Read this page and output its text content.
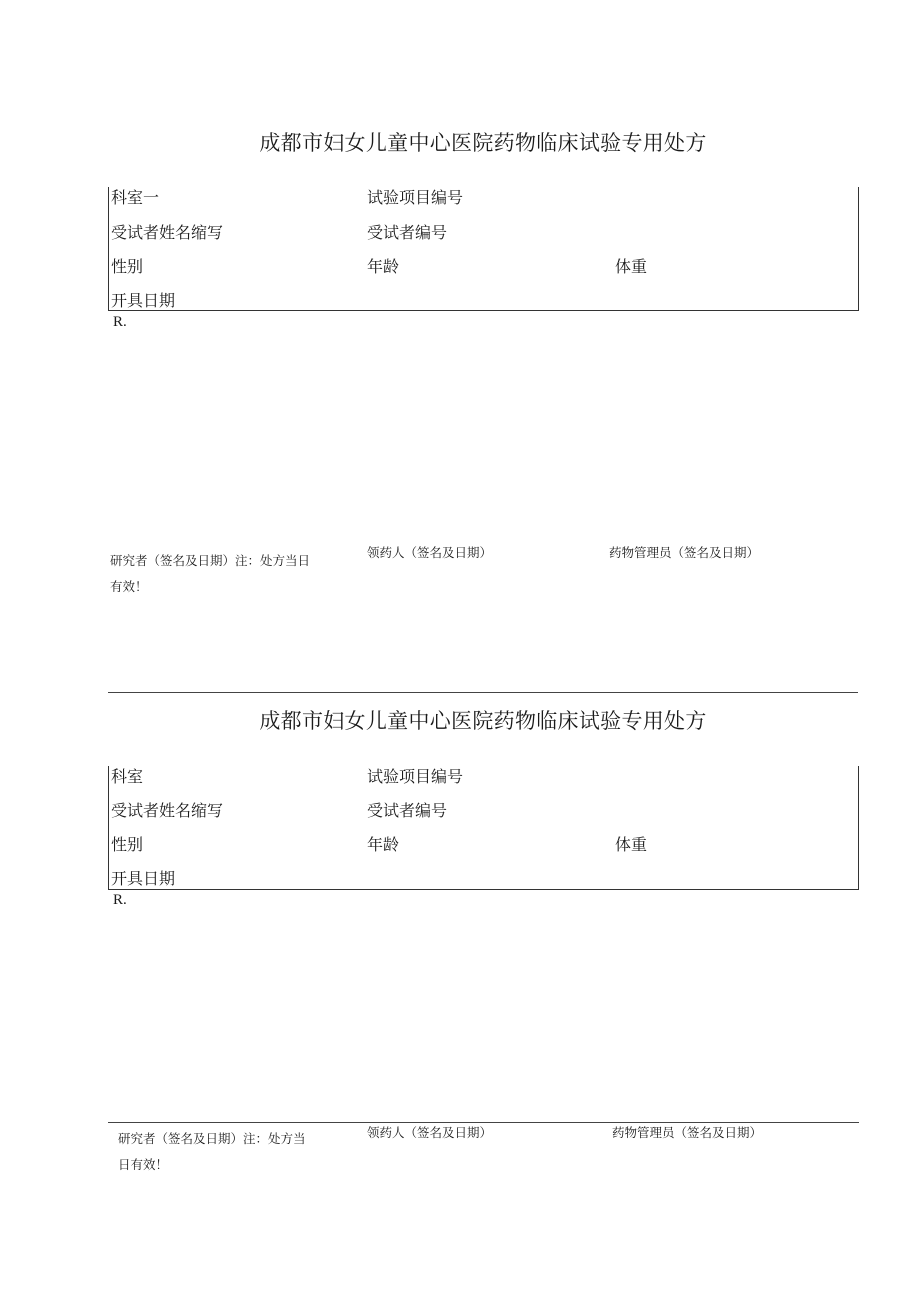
成都市妇女儿童中心医院药物临床试验专用处方
科室一	试验项目编号
受试者姓名缩写	受试者编号
性别	年龄	体重
开具日期
R.
研究者（签名及日期）注：处方当日有效！
领药人（签名及日期）	药物管理员（签名及日期）
成都市妇女儿童中心医院药物临床试验专用处方
科室	试验项目编号
受试者姓名缩写	受试者编号
性别	年龄	体重
开具日期
R.
研究者（签名及日期）注：处方当日有效！
领药人（签名及日期）	药物管理员（签名及日期）
